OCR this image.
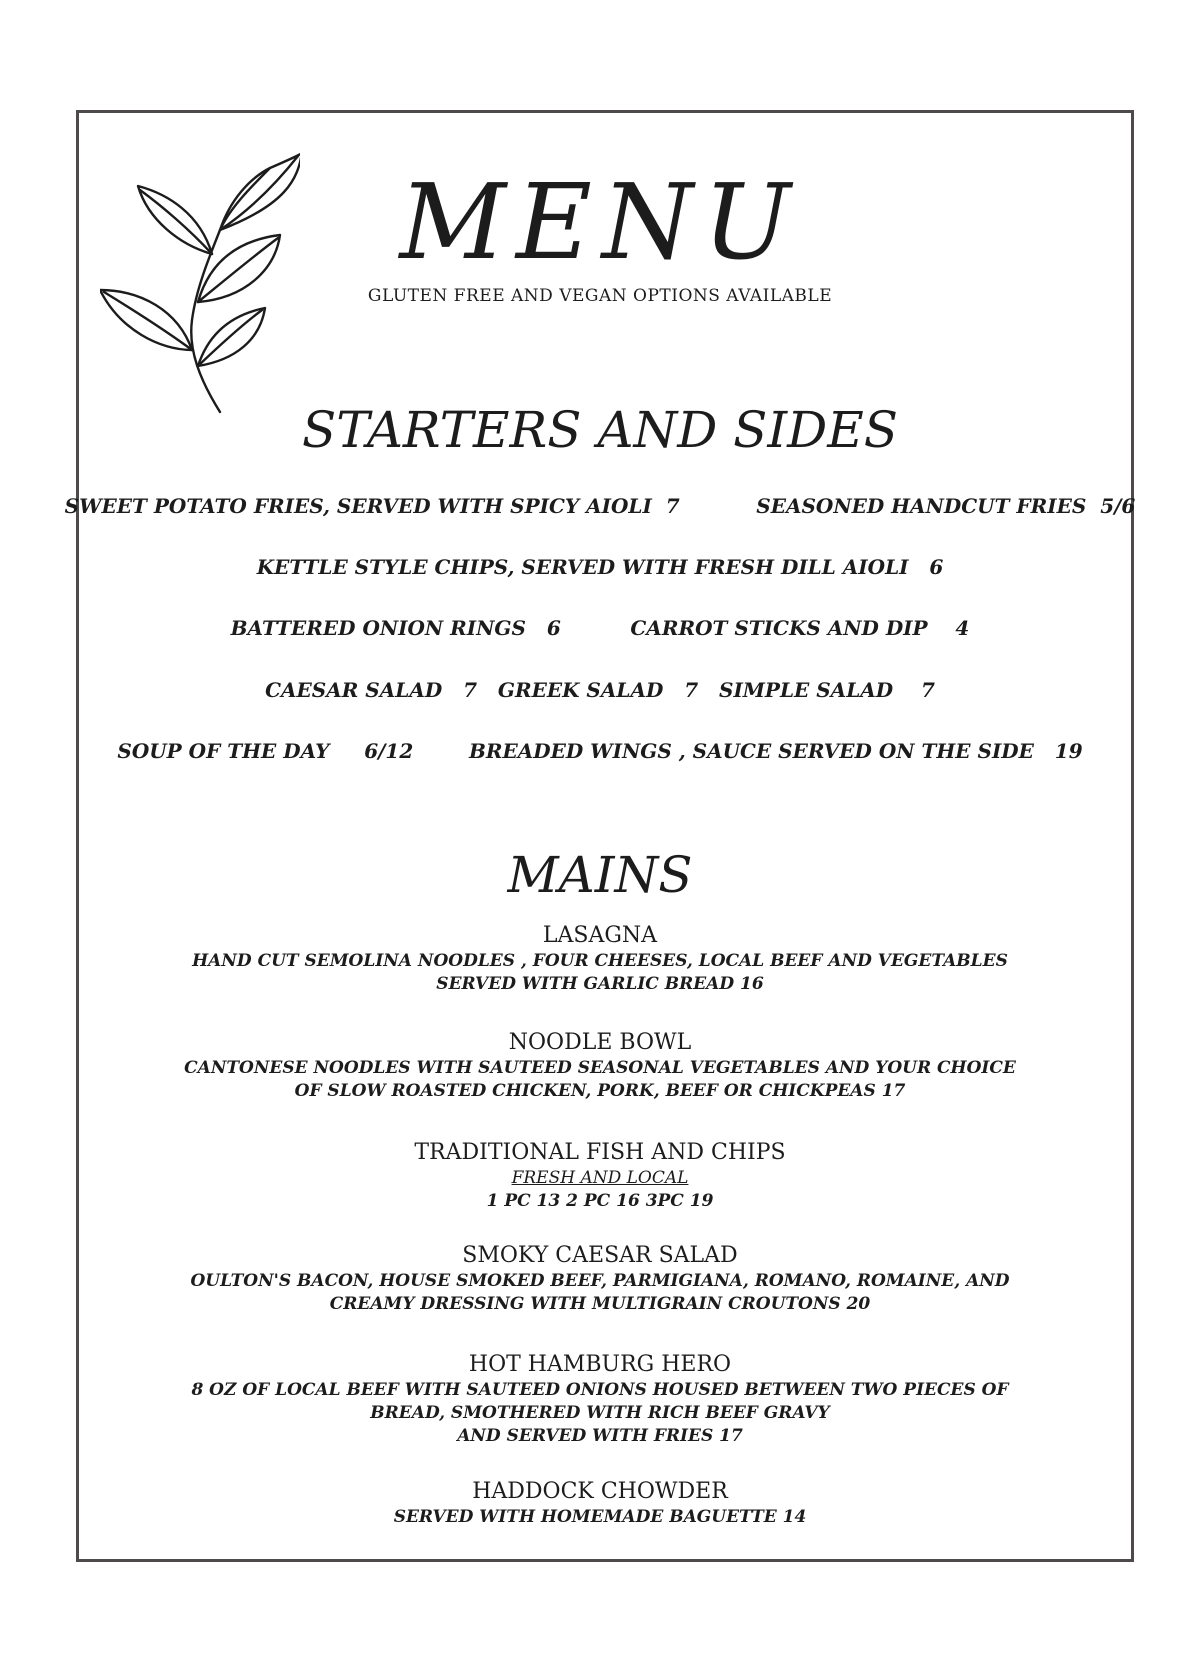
MENU
GLUTEN FREE AND VEGAN OPTIONS AVAILABLE
STARTERS AND SIDES
SWEET POTATO FRIES, SERVED WITH SPICY AIOLI  7           SEASONED HANDCUT FRIES  5/6
KETTLE STYLE CHIPS, SERVED WITH FRESH DILL AIOLI   6
BATTERED ONION RINGS   6          CARROT STICKS AND DIP    4
CAESAR SALAD   7   GREEK SALAD   7   SIMPLE SALAD    7
SOUP OF THE DAY     6/12        BREADED WINGS , SAUCE SERVED ON THE SIDE   19
MAINS
LASAGNA
HAND CUT SEMOLINA NOODLES , FOUR CHEESES, LOCAL BEEF AND VEGETABLES
SERVED WITH GARLIC BREAD 16
NOODLE BOWL
CANTONESE NOODLES WITH SAUTEED SEASONAL VEGETABLES AND YOUR CHOICE
OF SLOW ROASTED CHICKEN, PORK, BEEF OR CHICKPEAS 17
TRADITIONAL FISH AND CHIPS
FRESH AND LOCAL
1 PC 13 2 PC 16 3PC 19
SMOKY CAESAR SALAD
OULTON'S BACON, HOUSE SMOKED BEEF, PARMIGIANA, ROMANO, ROMAINE, AND
CREAMY DRESSING WITH MULTIGRAIN CROUTONS 20
HOT HAMBURG HERO
8 OZ OF LOCAL BEEF WITH SAUTEED ONIONS HOUSED BETWEEN TWO PIECES OF
BREAD, SMOTHERED WITH RICH BEEF GRAVY
AND SERVED WITH FRIES 17
HADDOCK CHOWDER
SERVED WITH HOMEMADE BAGUETTE 14
